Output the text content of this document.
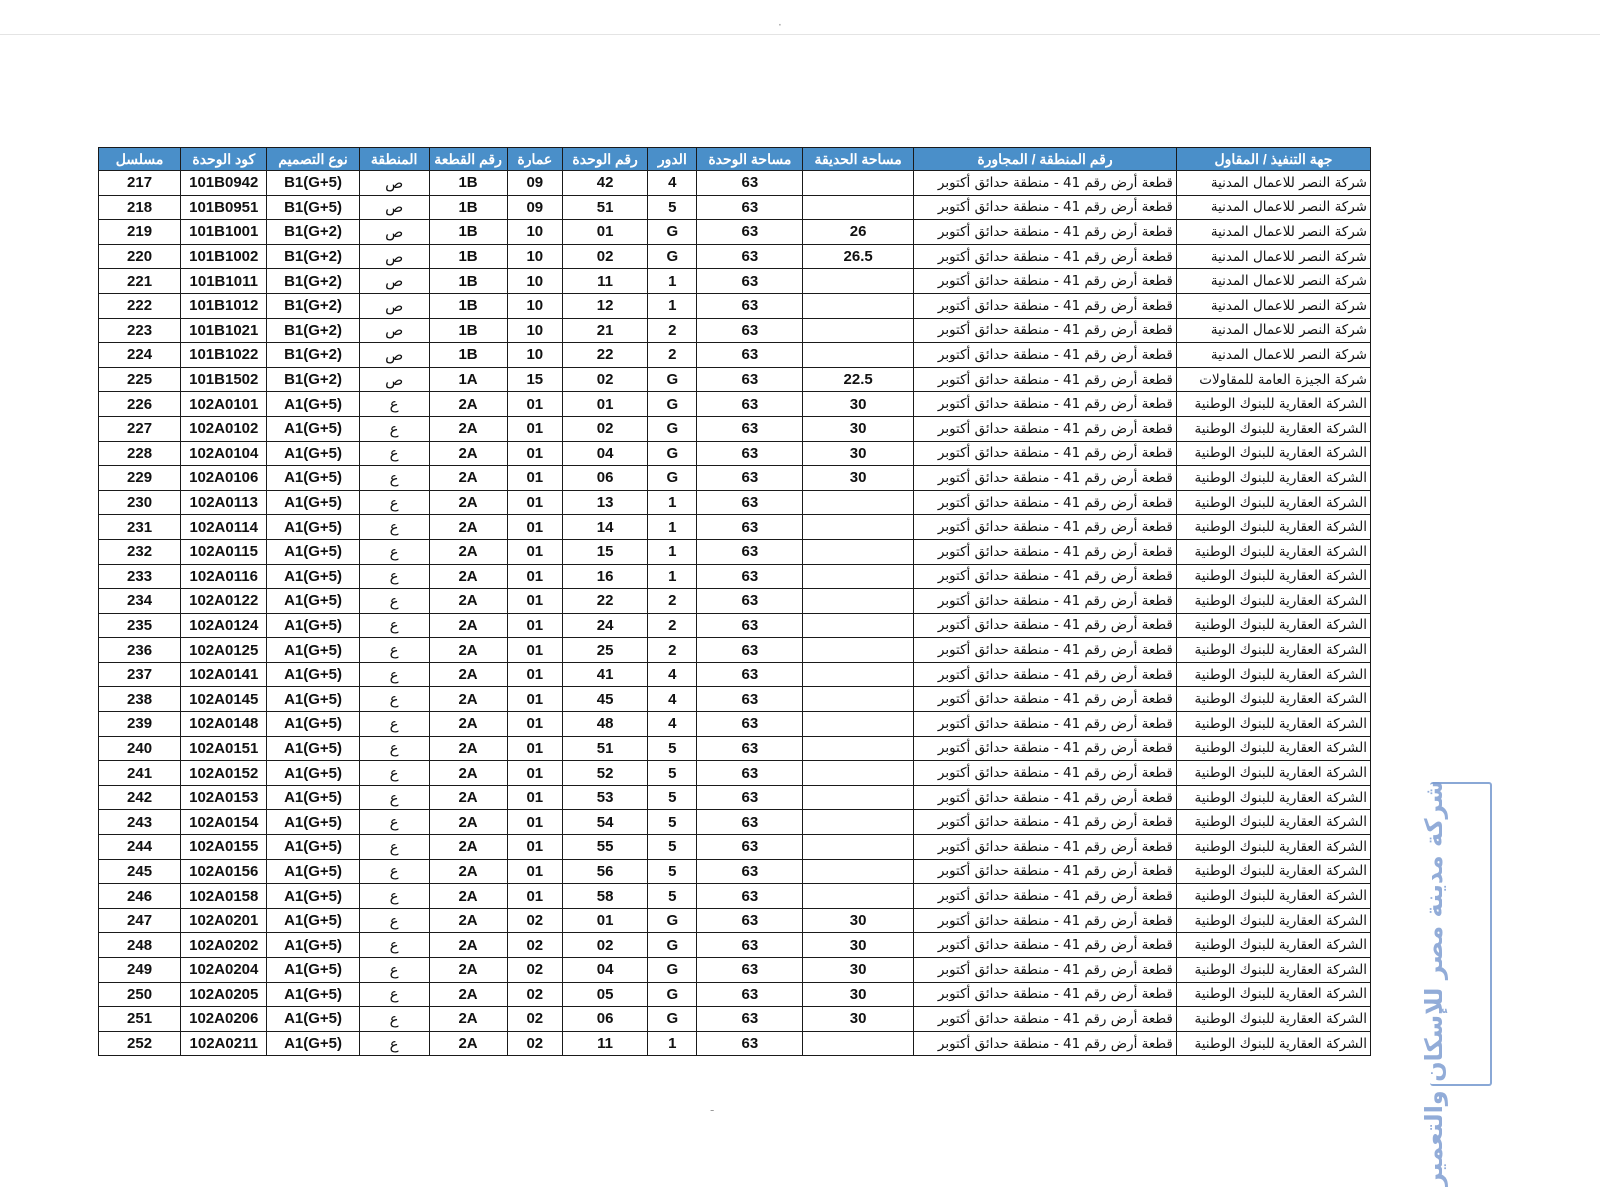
مسلسل	كود الوحدة	نوع التصميم	المنطقة	رقم القطعة	عمارة	رقم الوحدة	الدور	مساحة الوحدة	مساحة الحديقة	رقم المنطقة / المجاورة	جهة التنفيذ / المقاول
217	101B0942	B1(G+5)	ص	1B	09	42	4	63		قطعة أرض رقم 41 - منطقة حدائق أكتوبر	شركة النصر للاعمال المدنية
218	101B0951	B1(G+5)	ص	1B	09	51	5	63		قطعة أرض رقم 41 - منطقة حدائق أكتوبر	شركة النصر للاعمال المدنية
219	101B1001	B1(G+2)	ص	1B	10	01	G	63	26	قطعة أرض رقم 41 - منطقة حدائق أكتوبر	شركة النصر للاعمال المدنية
220	101B1002	B1(G+2)	ص	1B	10	02	G	63	26.5	قطعة أرض رقم 41 - منطقة حدائق أكتوبر	شركة النصر للاعمال المدنية
221	101B1011	B1(G+2)	ص	1B	10	11	1	63		قطعة أرض رقم 41 - منطقة حدائق أكتوبر	شركة النصر للاعمال المدنية
222	101B1012	B1(G+2)	ص	1B	10	12	1	63		قطعة أرض رقم 41 - منطقة حدائق أكتوبر	شركة النصر للاعمال المدنية
223	101B1021	B1(G+2)	ص	1B	10	21	2	63		قطعة أرض رقم 41 - منطقة حدائق أكتوبر	شركة النصر للاعمال المدنية
224	101B1022	B1(G+2)	ص	1B	10	22	2	63		قطعة أرض رقم 41 - منطقة حدائق أكتوبر	شركة النصر للاعمال المدنية
225	101B1502	B1(G+2)	ص	1A	15	02	G	63	22.5	قطعة أرض رقم 41 - منطقة حدائق أكتوبر	شركة الجيزة العامة للمقاولات
226	102A0101	A1(G+5)	ع	2A	01	01	G	63	30	قطعة أرض رقم 41 - منطقة حدائق أكتوبر	الشركة العقارية للبنوك الوطنية
227	102A0102	A1(G+5)	ع	2A	01	02	G	63	30	قطعة أرض رقم 41 - منطقة حدائق أكتوبر	الشركة العقارية للبنوك الوطنية
228	102A0104	A1(G+5)	ع	2A	01	04	G	63	30	قطعة أرض رقم 41 - منطقة حدائق أكتوبر	الشركة العقارية للبنوك الوطنية
229	102A0106	A1(G+5)	ع	2A	01	06	G	63	30	قطعة أرض رقم 41 - منطقة حدائق أكتوبر	الشركة العقارية للبنوك الوطنية
230	102A0113	A1(G+5)	ع	2A	01	13	1	63		قطعة أرض رقم 41 - منطقة حدائق أكتوبر	الشركة العقارية للبنوك الوطنية
231	102A0114	A1(G+5)	ع	2A	01	14	1	63		قطعة أرض رقم 41 - منطقة حدائق أكتوبر	الشركة العقارية للبنوك الوطنية
232	102A0115	A1(G+5)	ع	2A	01	15	1	63		قطعة أرض رقم 41 - منطقة حدائق أكتوبر	الشركة العقارية للبنوك الوطنية
233	102A0116	A1(G+5)	ع	2A	01	16	1	63		قطعة أرض رقم 41 - منطقة حدائق أكتوبر	الشركة العقارية للبنوك الوطنية
234	102A0122	A1(G+5)	ع	2A	01	22	2	63		قطعة أرض رقم 41 - منطقة حدائق أكتوبر	الشركة العقارية للبنوك الوطنية
235	102A0124	A1(G+5)	ع	2A	01	24	2	63		قطعة أرض رقم 41 - منطقة حدائق أكتوبر	الشركة العقارية للبنوك الوطنية
236	102A0125	A1(G+5)	ع	2A	01	25	2	63		قطعة أرض رقم 41 - منطقة حدائق أكتوبر	الشركة العقارية للبنوك الوطنية
237	102A0141	A1(G+5)	ع	2A	01	41	4	63		قطعة أرض رقم 41 - منطقة حدائق أكتوبر	الشركة العقارية للبنوك الوطنية
238	102A0145	A1(G+5)	ع	2A	01	45	4	63		قطعة أرض رقم 41 - منطقة حدائق أكتوبر	الشركة العقارية للبنوك الوطنية
239	102A0148	A1(G+5)	ع	2A	01	48	4	63		قطعة أرض رقم 41 - منطقة حدائق أكتوبر	الشركة العقارية للبنوك الوطنية
240	102A0151	A1(G+5)	ع	2A	01	51	5	63		قطعة أرض رقم 41 - منطقة حدائق أكتوبر	الشركة العقارية للبنوك الوطنية
241	102A0152	A1(G+5)	ع	2A	01	52	5	63		قطعة أرض رقم 41 - منطقة حدائق أكتوبر	الشركة العقارية للبنوك الوطنية
242	102A0153	A1(G+5)	ع	2A	01	53	5	63		قطعة أرض رقم 41 - منطقة حدائق أكتوبر	الشركة العقارية للبنوك الوطنية
243	102A0154	A1(G+5)	ع	2A	01	54	5	63		قطعة أرض رقم 41 - منطقة حدائق أكتوبر	الشركة العقارية للبنوك الوطنية
244	102A0155	A1(G+5)	ع	2A	01	55	5	63		قطعة أرض رقم 41 - منطقة حدائق أكتوبر	الشركة العقارية للبنوك الوطنية
245	102A0156	A1(G+5)	ع	2A	01	56	5	63		قطعة أرض رقم 41 - منطقة حدائق أكتوبر	الشركة العقارية للبنوك الوطنية
246	102A0158	A1(G+5)	ع	2A	01	58	5	63		قطعة أرض رقم 41 - منطقة حدائق أكتوبر	الشركة العقارية للبنوك الوطنية
247	102A0201	A1(G+5)	ع	2A	02	01	G	63	30	قطعة أرض رقم 41 - منطقة حدائق أكتوبر	الشركة العقارية للبنوك الوطنية
248	102A0202	A1(G+5)	ع	2A	02	02	G	63	30	قطعة أرض رقم 41 - منطقة حدائق أكتوبر	الشركة العقارية للبنوك الوطنية
249	102A0204	A1(G+5)	ع	2A	02	04	G	63	30	قطعة أرض رقم 41 - منطقة حدائق أكتوبر	الشركة العقارية للبنوك الوطنية
250	102A0205	A1(G+5)	ع	2A	02	05	G	63	30	قطعة أرض رقم 41 - منطقة حدائق أكتوبر	الشركة العقارية للبنوك الوطنية
251	102A0206	A1(G+5)	ع	2A	02	06	G	63	30	قطعة أرض رقم 41 - منطقة حدائق أكتوبر	الشركة العقارية للبنوك الوطنية
252	102A0211	A1(G+5)	ع	2A	02	11	1	63		قطعة أرض رقم 41 - منطقة حدائق أكتوبر	الشركة العقارية للبنوك الوطنية شركة مدينة مصر للإسكان والتعمير
·
-
